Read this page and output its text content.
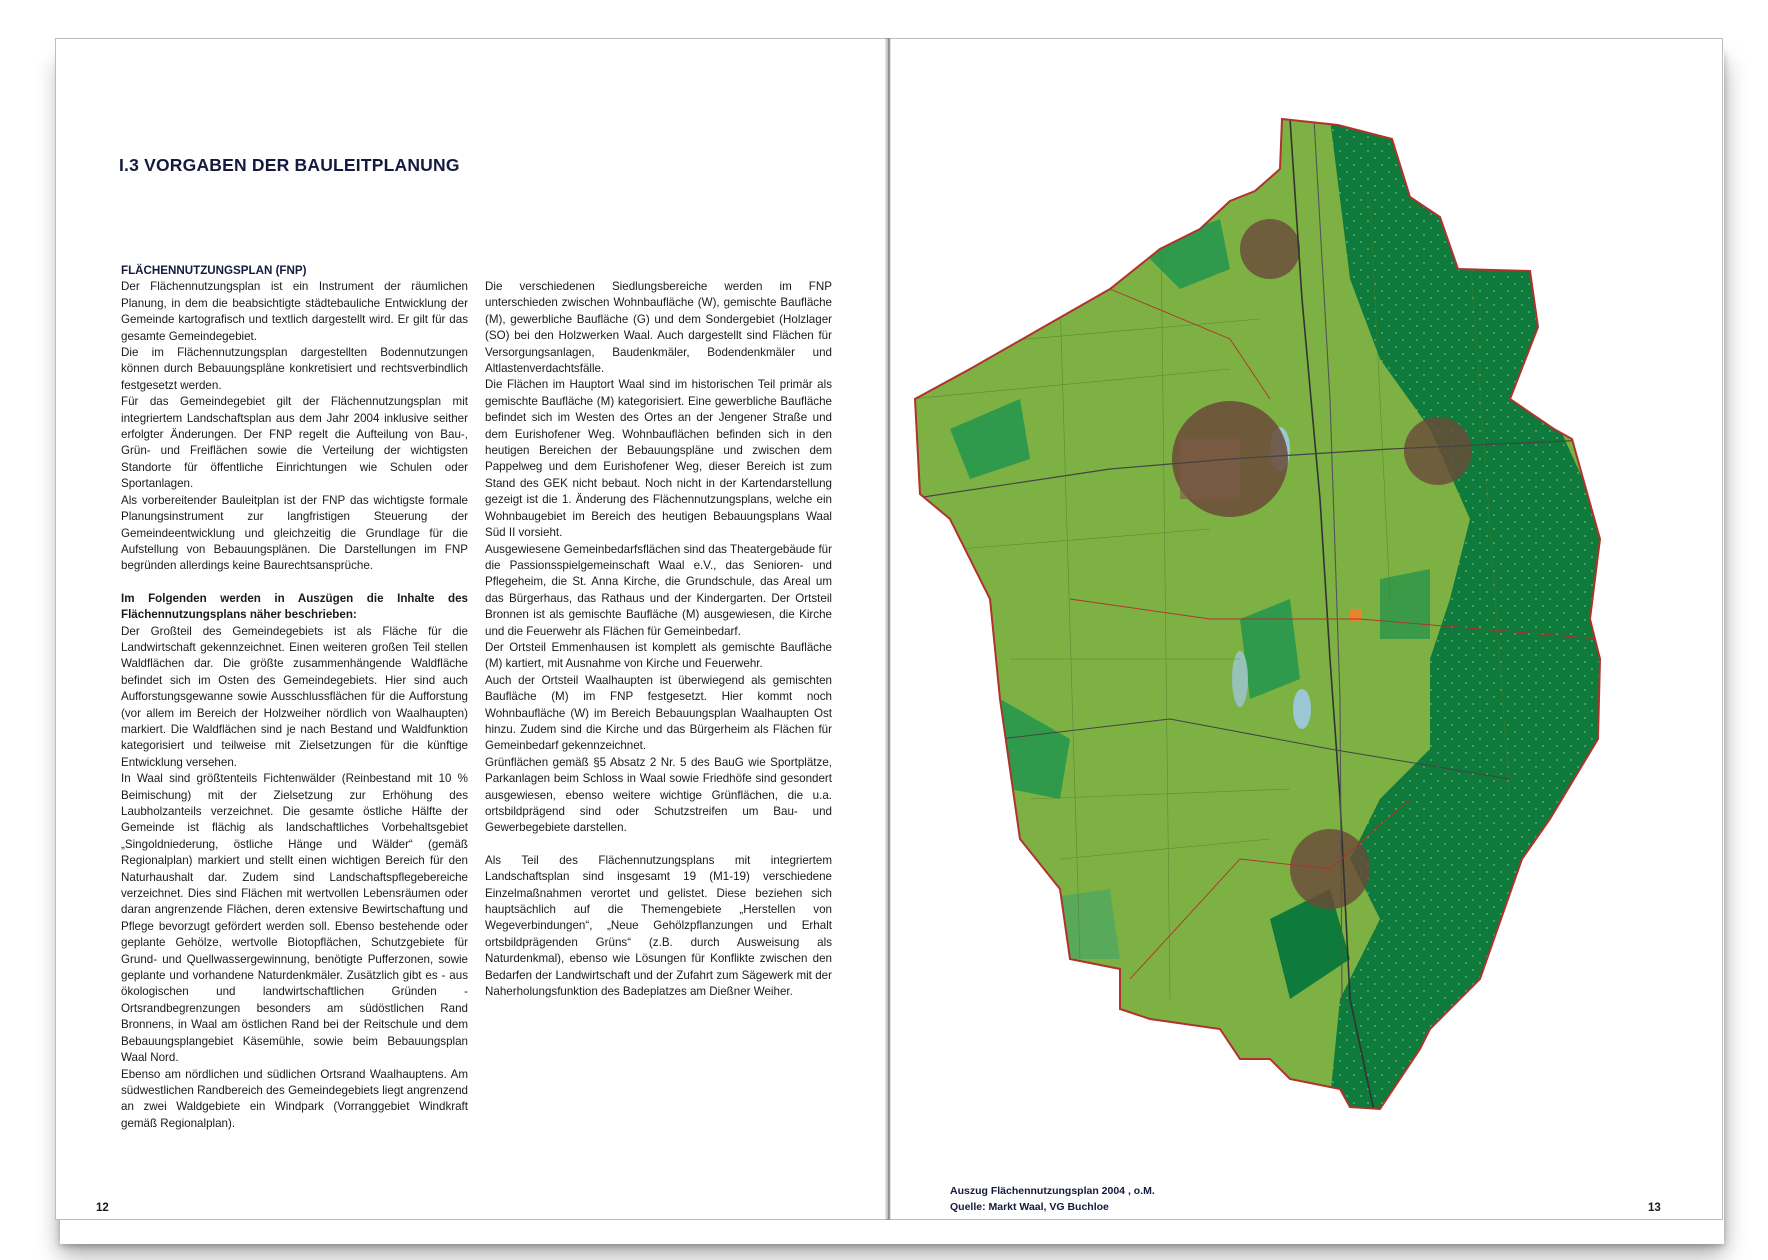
I.3 VORGABEN DER BAULEITPLANUNG

FLÄCHENNUTZUNGSPLAN (FNP)

Der Flächennutzungsplan ist ein Instrument der räumlichen Planung, in dem die beabsichtigte städtebauliche Entwicklung der Gemeinde kartografisch und textlich dargestellt wird. Er gilt für das gesamte Gemeindegebiet.

Die im Flächennutzungsplan dargestellten Bodennutzungen können durch Bebauungspläne konkretisiert und rechtsverbindlich festgesetzt werden.

Für das Gemeindegebiet gilt der Flächennutzungsplan mit integriertem Landschaftsplan aus dem Jahr 2004 inklusive seither erfolgter Änderungen. Der FNP regelt die Aufteilung von Bau-, Grün- und Freiflächen sowie die Verteilung der wichtigsten Standorte für öffentliche Einrichtungen wie Schulen oder Sportanlagen.

Als vorbereitender Bauleitplan ist der FNP das wichtigste formale Planungsinstrument zur langfristigen Steuerung der Gemeindeentwicklung und gleichzeitig die Grundlage für die Aufstellung von Bebauungsplänen. Die Darstellungen im FNP begründen allerdings keine Baurechtsansprüche.

Im Folgenden werden in Auszügen die Inhalte des Flächennutzungsplans näher beschrieben:

Der Großteil des Gemeindegebiets ist als Fläche für die Landwirtschaft gekennzeichnet. Einen weiteren großen Teil stellen Waldflächen dar. Die größte zusammenhängende Waldfläche befindet sich im Osten des Gemeindegebiets. Hier sind auch Aufforstungsgewanne sowie Ausschlussflächen für die Aufforstung (vor allem im Bereich der Holzweiher nördlich von Waalhaupten) markiert. Die Waldflächen sind je nach Bestand und Waldfunktion kategorisiert und teilweise mit Zielsetzungen für die künftige Entwicklung versehen.

In Waal sind größtenteils Fichtenwälder (Reinbestand mit 10 % Beimischung) mit der Zielsetzung zur Erhöhung des Laubholzanteils verzeichnet. Die gesamte östliche Hälfte der Gemeinde ist flächig als landschaftliches Vorbehaltsgebiet „Singoldniederung, östliche Hänge und Wälder“ (gemäß Regionalplan) markiert und stellt einen wichtigen Bereich für den Naturhaushalt dar. Zudem sind Landschaftspflegebereiche verzeichnet. Dies sind Flächen mit wertvollen Lebensräumen oder daran angrenzende Flächen, deren extensive Bewirtschaftung und Pflege bevorzugt gefördert werden soll. Ebenso bestehende oder geplante Gehölze, wertvolle Biotopflächen, Schutzgebiete für Grund- und Quellwassergewinnung, benötigte Pufferzonen, sowie geplante und vorhandene Naturdenkmäler. Zusätzlich gibt es - aus ökologischen und landwirtschaftlichen Gründen - Ortsrandbegrenzungen besonders am südöstlichen Rand Bronnens, in Waal am östlichen Rand bei der Reitschule und dem Bebauungsplangebiet Käsemühle, sowie beim Bebauungsplan Waal Nord.

Ebenso am nördlichen und südlichen Ortsrand Waalhauptens. Am südwestlichen Randbereich des Gemeindegebiets liegt angrenzend an zwei Waldgebiete ein Windpark (Vorranggebiet Windkraft gemäß Regionalplan).

Die verschiedenen Siedlungsbereiche werden im FNP unterschieden zwischen Wohnbaufläche (W), gemischte Baufläche (M), gewerbliche Baufläche (G) und dem Sondergebiet (Holzlager (SO) bei den Holzwerken Waal. Auch dargestellt sind Flächen für Versorgungsanlagen, Baudenkmäler, Bodendenkmäler und Altlastenverdachtsfälle.

Die Flächen im Hauptort Waal sind im historischen Teil primär als gemischte Baufläche (M) kategorisiert. Eine gewerbliche Baufläche befindet sich im Westen des Ortes an der Jengener Straße und dem Eurishofener Weg. Wohnbauflächen befinden sich in den heutigen Bereichen der Bebauungspläne und zwischen dem Pappelweg und dem Eurishofener Weg, dieser Bereich ist zum Stand des GEK nicht bebaut. Noch nicht in der Kartendarstellung gezeigt ist die 1. Änderung des Flächennutzungsplans, welche ein Wohnbaugebiet im Bereich des heutigen Bebauungsplans Waal Süd II vorsieht.

Ausgewiesene Gemeinbedarfsflächen sind das Theatergebäude für die Passionsspielgemeinschaft Waal e.V., das Senioren- und Pflegeheim, die St. Anna Kirche, die Grundschule, das Areal um das Bürgerhaus, das Rathaus und der Kindergarten. Der Ortsteil Bronnen ist als gemischte Baufläche (M) ausgewiesen, die Kirche und die Feuerwehr als Flächen für Gemeinbedarf.

Der Ortsteil Emmenhausen ist komplett als gemischte Baufläche (M) kartiert, mit Ausnahme von Kirche und Feuerwehr.

Auch der Ortsteil Waalhaupten ist überwiegend als gemischten Baufläche (M) im FNP festgesetzt. Hier kommt noch Wohnbaufläche (W) im Bereich Bebauungsplan Waalhaupten Ost hinzu. Zudem sind die Kirche und das Bürgerheim als Flächen für Gemeinbedarf gekennzeichnet.

Grünflächen gemäß §5 Absatz 2 Nr. 5 des BauG wie Sportplätze, Parkanlagen beim Schloss in Waal sowie Friedhöfe sind gesondert ausgewiesen, ebenso weitere wichtige Grünflächen, die u.a. ortsbildprägend sind oder Schutzstreifen um Bau- und Gewerbegebiete darstellen.

Als Teil des Flächennutzungsplans mit integriertem Landschaftsplan sind insgesamt 19 (M1-19) verschiedene Einzelmaßnahmen verortet und gelistet. Diese beziehen sich hauptsächlich auf die Themengebiete „Herstellen von Wegeverbindungen“, „Neue Gehölzpflanzungen und Erhalt ortsbildprägenden Grüns“ (z.B. durch Ausweisung als Naturdenkmal), ebenso wie Lösungen für Konflikte zwischen den Bedarfen der Landwirtschaft und der Zufahrt zum Sägewerk mit der Naherholungsfunktion des Badeplatzes am Dießner Weiher.

12
Auszug Flächennutzungsplan 2004 , o.M.
Quelle: Markt Waal, VG Buchloe	13
